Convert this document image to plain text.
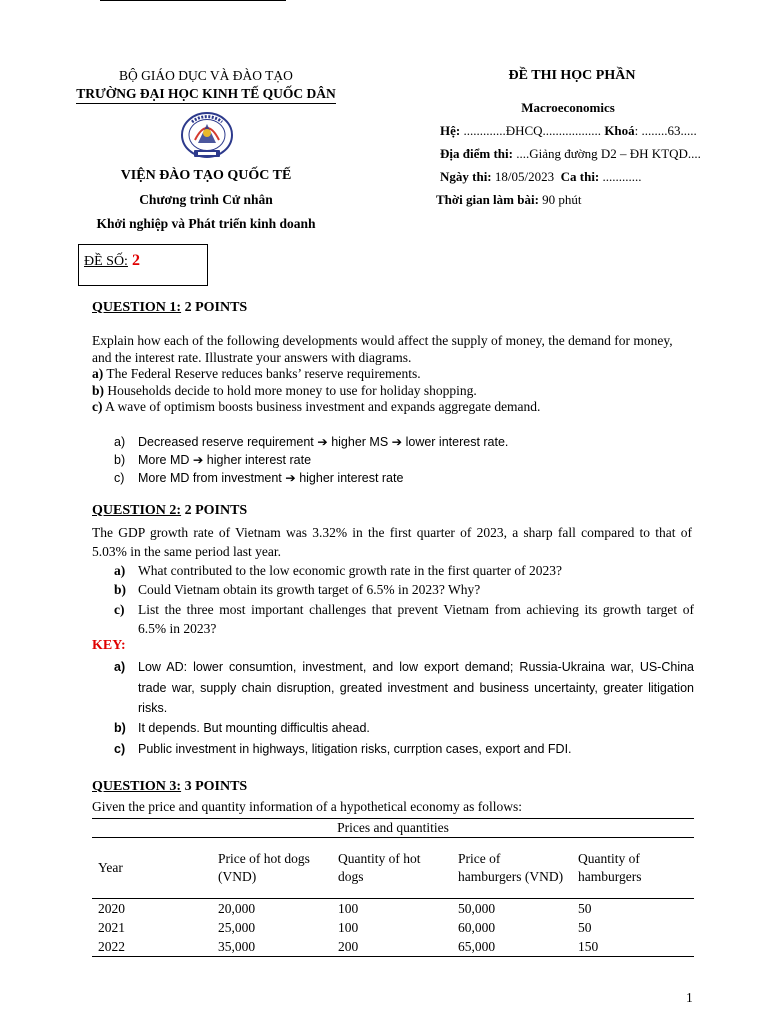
BỘ GIÁO DỤC VÀ ĐÀO TẠO
TRƯỜNG ĐẠI HỌC KINH TẾ QUỐC DÂN
VIỆN ĐÀO TẠO QUỐC TẾ
Chương trình Cử nhân
Khởi nghiệp và Phát triển kinh doanh
ĐỀ SỐ: 2
ĐỀ THI HỌC PHẦN
Macroeconomics
Hệ: .............ĐHCQ.................. Khoá: ........63.....
Địa điểm thi: ....Giảng đường D2 – ĐH KTQD....
Ngày thi: 18/05/2023 Ca thi: ............
Thời gian làm bài: 90 phút
QUESTION 1: 2 POINTS
Explain how each of the following developments would affect the supply of money, the demand for money, and the interest rate. Illustrate your answers with diagrams.
a) The Federal Reserve reduces banks’ reserve requirements.
b) Households decide to hold more money to use for holiday shopping.
c) A wave of optimism boosts business investment and expands aggregate demand.
a) Decreased reserve requirement ➔ higher MS ➔ lower interest rate.
b) More MD ➔ higher interest rate
c) More MD from investment ➔ higher interest rate
QUESTION 2: 2 POINTS
The GDP growth rate of Vietnam was 3.32% in the first quarter of 2023, a sharp fall compared to that of 5.03% in the same period last year.
a) What contributed to the low economic growth rate in the first quarter of 2023?
b) Could Vietnam obtain its growth target of 6.5% in 2023? Why?
c) List the three most important challenges that prevent Vietnam from achieving its growth target of 6.5% in 2023?
KEY:
a) Low AD: lower consumtion, investment, and low export demand; Russia-Ukraina war, US-China trade war, supply chain disruption, greated investment and business uncertainty, greater litigation risks.
b) It depends. But mounting difficultis ahead.
c) Public investment in highways, litigation risks, currption cases, export and FDI.
QUESTION 3: 3 POINTS
Given the price and quantity information of a hypothetical economy as follows:
Prices and quantities				
Year	Price of hot dogs (VND)	Quantity of hot dogs	Price of hamburgers (VND)	Quantity of hamburgers
2020	20,000	100	50,000	50
2021	25,000	100	60,000	50
2022	35,000	200	65,000	150
1
